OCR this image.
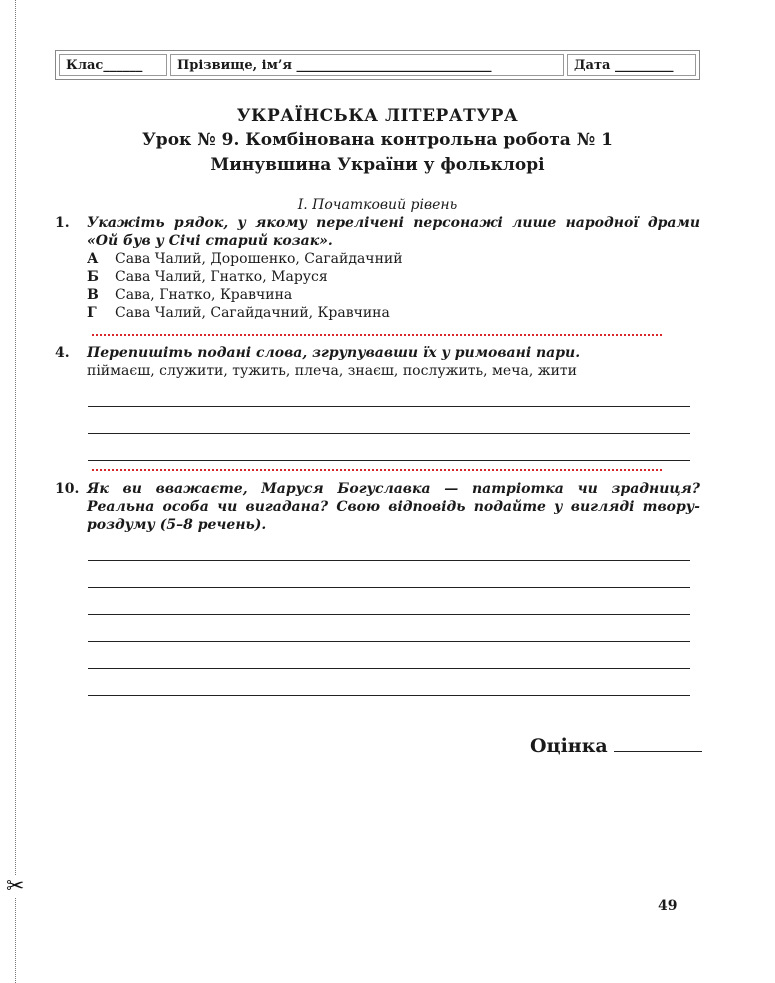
✂
Клас______	Прізвище, ім’я ______________________________	Дата _________
УКРАЇНСЬКА ЛІТЕРАТУРА
Урок № 9. Комбінована контрольна робота № 1
Минувшина України у фольклорі
I. Початковий рівень
1. Укажіть рядок, у якому перелічені персонажі лише народної драми «Ой був у Січі старий козак».
А	Сава Чалий, Дорошенко, Сагайдачний
Б	Сава Чалий, Гнатко, Маруся
В	Сава, Гнатко, Кравчина
Г	Сава Чалий, Сагайдачний, Кравчина
4. Перепишіть подані слова, згрупувавши їх у римовані пари.
піймаєш, служити, тужить, плеча, знаєш, послужить, меча, жити
10. Як ви вважаєте, Маруся Богуславка — патріотка чи зрадниця? Реальна особа чи вигадана? Свою відповідь подайте у вигляді твору-роздуму (5–8 речень).
Оцінка
49
